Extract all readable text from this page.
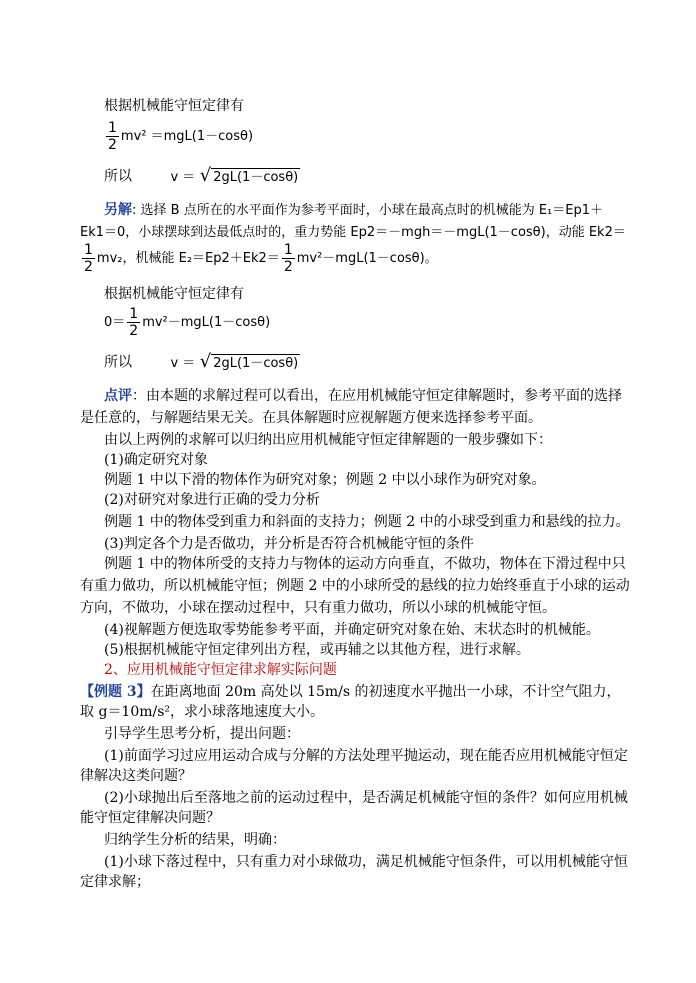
根据机械能守恒定律有
$\frac{1}{2} mv^2 =mgL(1-\cos\theta)$
所以	v ＝ √ 2gL(1－cosθ)
另解: 选择 B 点所在的水平面作为参考平面时，小球在最高点时的机械能为 E₁＝Ep1＋
Ek1＝0，小球摆球到达最低点时的，重力势能 Ep2＝－mgh＝－mgL(1－cosθ)，动能 Ek2＝
$\frac{1}{2} mv_2$，机械能 $E_2=Ep2+Ek2= \frac{1}{2} mv^2-mgL(1-\cos\theta)$。
根据机械能守恒定律有
$0= \frac{1}{2} mv^2-mgL(1-\cos\theta)$
所以	v ＝ √ 2gL(1－cosθ)
点评：由本题的求解过程可以看出，在应用机械能守恒定律解题时，参考平面的选择
是任意的，与解题结果无关。在具体解题时应视解题方便来选择参考平面。
由以上两例的求解可以归纳出应用机械能守恒定律解题的一般步骤如下：
(1)确定研究对象
例题 1 中以下滑的物体作为研究对象；例题 2 中以小球作为研究对象。
(2)对研究对象进行正确的受力分析
例题 1 中的物体受到重力和斜面的支持力；例题 2 中的小球受到重力和悬线的拉力。
(3)判定各个力是否做功，并分析是否符合机械能守恒的条件
例题 1 中的物体所受的支持力与物体的运动方向垂直，不做功，物体在下滑过程中只
有重力做功，所以机械能守恒；例题 2 中的小球所受的悬线的拉力始终垂直于小球的运动
方向，不做功，小球在摆动过程中，只有重力做功，所以小球的机械能守恒。
(4)视解题方便选取零势能参考平面，并确定研究对象在始、末状态时的机械能。
(5)根据机械能守恒定律列出方程，或再辅之以其他方程，进行求解。
2、应用机械能守恒定律求解实际问题
【例题 3】在距离地面 20m 高处以 15m/s 的初速度水平抛出一小球，不计空气阻力，
取 g＝10m/s²，求小球落地速度大小。
引导学生思考分析，提出问题：
(1)前面学习过应用运动合成与分解的方法处理平抛运动，现在能否应用机械能守恒定
律解决这类问题？
(2)小球抛出后至落地之前的运动过程中，是否满足机械能守恒的条件？如何应用机械
能守恒定律解决问题？
归纳学生分析的结果，明确：
(1)小球下落过程中，只有重力对小球做功，满足机械能守恒条件，可以用机械能守恒
定律求解；
